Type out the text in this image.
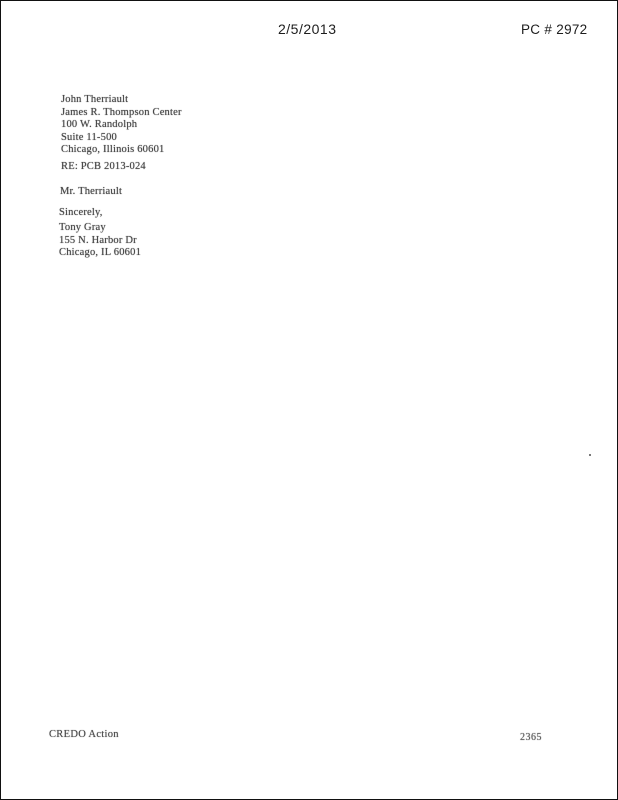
2/5/2013	PC # 2972
John Therriault
James R. Thompson Center
100 W. Randolph
Suite 11-500
Chicago, Illinois 60601
RE: PCB 2013-024
Mr. Therriault
Sincerely,
Tony Gray
155 N. Harbor Dr
Chicago, IL 60601
CREDO Action	2365
